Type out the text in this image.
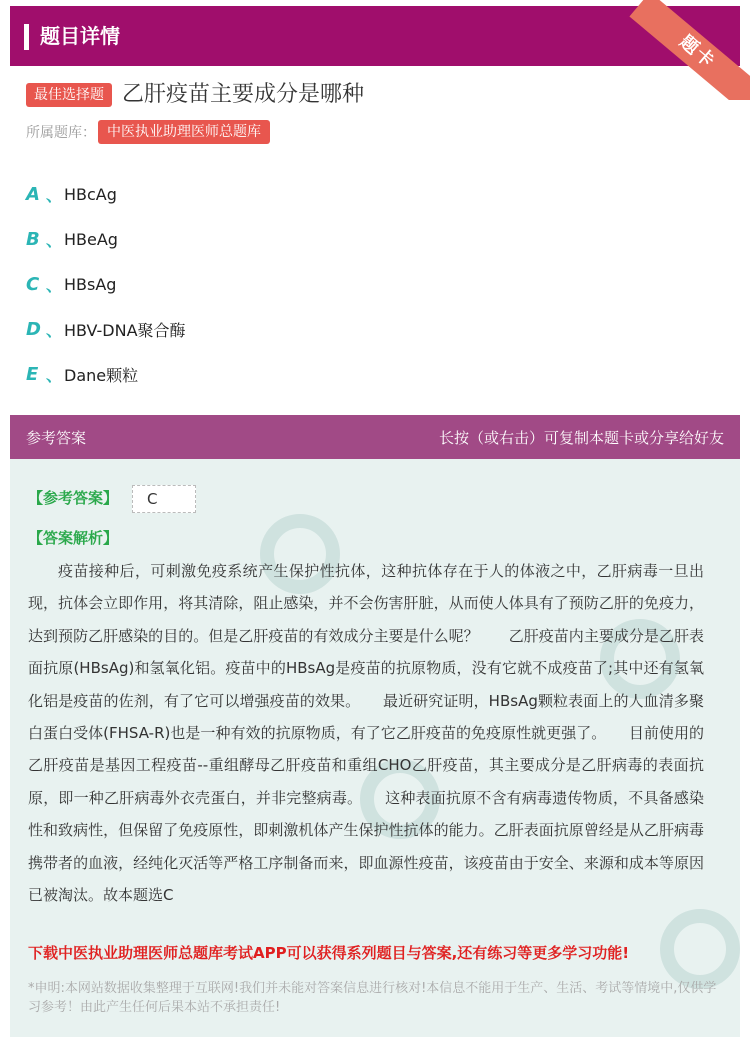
题目详情	题卡
最佳选择题 乙肝疫苗主要成分是哪种
所属题库： 中医执业助理医师总题库
A 、 HBcAg
B 、 HBeAg
C 、 HBsAg
D 、 HBV-DNA聚合酶
E 、 Dane颗粒
参考答案	长按（或右击）可复制本题卡或分享给好友
【参考答案】	C
【答案解析】
疫苗接种后，可刺激免疫系统产生保护性抗体，这种抗体存在于人的体液之中，乙肝病毒一旦出现，抗体会立即作用，将其清除，阻止感染，并不会伤害肝脏，从而使人体具有了预防乙肝的免疫力，达到预防乙肝感染的目的。但是乙肝疫苗的有效成分主要是什么呢？　　乙肝疫苗内主要成分是乙肝表面抗原(HBsAg)和氢氧化铝。疫苗中的HBsAg是疫苗的抗原物质，没有它就不成疫苗了;其中还有氢氧化铝是疫苗的佐剂，有了它可以增强疫苗的效果。　　最近研究证明，HBsAg颗粒表面上的人血清多聚白蛋白受体(FHSA-R)也是一种有效的抗原物质，有了它乙肝疫苗的免疫原性就更强了。　　目前使用的乙肝疫苗是基因工程疫苗--重组酵母乙肝疫苗和重组CHO乙肝疫苗，其主要成分是乙肝病毒的表面抗原，即一种乙肝病毒外衣壳蛋白，并非完整病毒。　　这种表面抗原不含有病毒遗传物质，不具备感染性和致病性，但保留了免疫原性，即刺激机体产生保护性抗体的能力。乙肝表面抗原曾经是从乙肝病毒携带者的血液，经纯化灭活等严格工序制备而来，即血源性疫苗，该疫苗由于安全、来源和成本等原因已被淘汰。故本题选C
下载中医执业助理医师总题库考试APP可以获得系列题目与答案,还有练习等更多学习功能!
*申明:本网站数据收集整理于互联网!我们并未能对答案信息进行核对!本信息不能用于生产、生活、考试等情境中,仅供学习参考！由此产生任何后果本站不承担责任!
